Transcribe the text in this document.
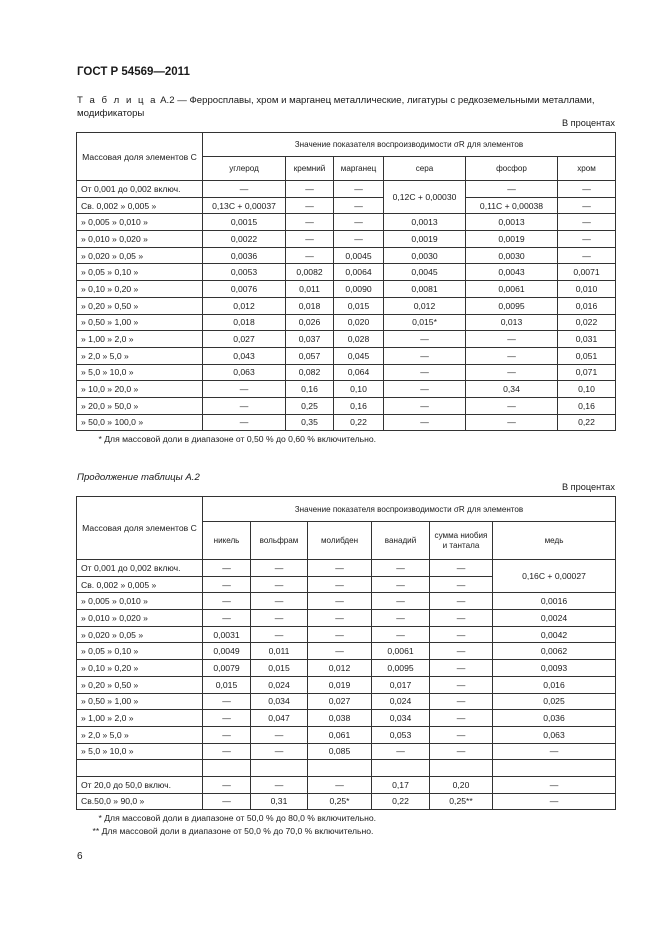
ГОСТ Р 54569—2011
Т а б л и ц а А.2 — Ферросплавы, хром и марганец металлические, лигатуры с редкоземельными металлами, модификаторы
В процентах
Массовая доля элементов С	Значение показателя воспроизводимости σR для элементов					
	углерод	кремний	марганец	сера	фосфор	хром
От 0,001 до 0,002 включ.	—	—	—	0,12С + 0,00030	—	—
Св. 0,002 » 0,005 »	0,13С + 0,00037	—	—		0,11С + 0,00038	—
» 0,005 » 0,010 »	0,0015	—	—	0,0013	0,0013	—
» 0,010 » 0,020 »	0,0022	—	—	0,0019	0,0019	—
» 0,020 » 0,05 »	0,0036	—	0,0045	0,0030	0,0030	—
» 0,05 » 0,10 »	0,0053	0,0082	0,0064	0,0045	0,0043	0,0071
» 0,10 » 0,20 »	0,0076	0,011	0,0090	0,0081	0,0061	0,010
» 0,20 » 0,50 »	0,012	0,018	0,015	0,012	0,0095	0,016
» 0,50 » 1,00 »	0,018	0,026	0,020	0,015*	0,013	0,022
» 1,00 » 2,0 »	0,027	0,037	0,028	—	—	0,031
» 2,0 » 5,0 »	0,043	0,057	0,045	—	—	0,051
» 5,0 » 10,0 »	0,063	0,082	0,064	—	—	0,071
» 10,0 » 20,0 »	—	0,16	0,10	—	0,34	0,10
» 20,0 » 50,0 »	—	0,25	0,16	—	—	0,16
» 50,0 » 100,0 »	—	0,35	0,22	—	—	0,22
* Для массовой доли в диапазоне от 0,50 % до 0,60 % включительно.						
Продолжение таблицы А.2
В процентах
Массовая доля элементов С	Значение показателя воспроизводимости σR для элементов					
	никель	вольфрам	молибден	ванадий	сумма ниобия и тантала	медь
От 0,001 до 0,002 включ.	—	—	—	—	—	0,16С + 0,00027
Св. 0,002 » 0,005 »	—	—	—	—	—	
» 0,005 » 0,010 »	—	—	—	—	—	0,0016
» 0,010 » 0,020 »	—	—	—	—	—	0,0024
» 0,020 » 0,05 »	0,0031	—	—	—	—	0,0042
» 0,05 » 0,10 »	0,0049	0,011	—	0,0061	—	0,0062
» 0,10 » 0,20 »	0,0079	0,015	0,012	0,0095	—	0,0093
» 0,20 » 0,50 »	0,015	0,024	0,019	0,017	—	0,016
» 0,50 » 1,00 »	—	0,034	0,027	0,024	—	0,025
» 1,00 » 2,0 »	—	0,047	0,038	0,034	—	0,036
» 2,0 » 5,0 »	—	—	0,061	0,053	—	0,063
» 5,0 » 10,0 »	—	—	0,085	—	—	—

От 20,0 до 50,0 включ.	—	—	—	0,17	0,20	—
Св.50,0 » 90,0 »	—	0,31	0,25*	0,22	0,25**	—

* Для массовой доли в диапазоне от 50,0 % до 80,0 % включительно.
** Для массовой доли в диапазоне от 50,0 % до 70,0 % включительно.						
6
